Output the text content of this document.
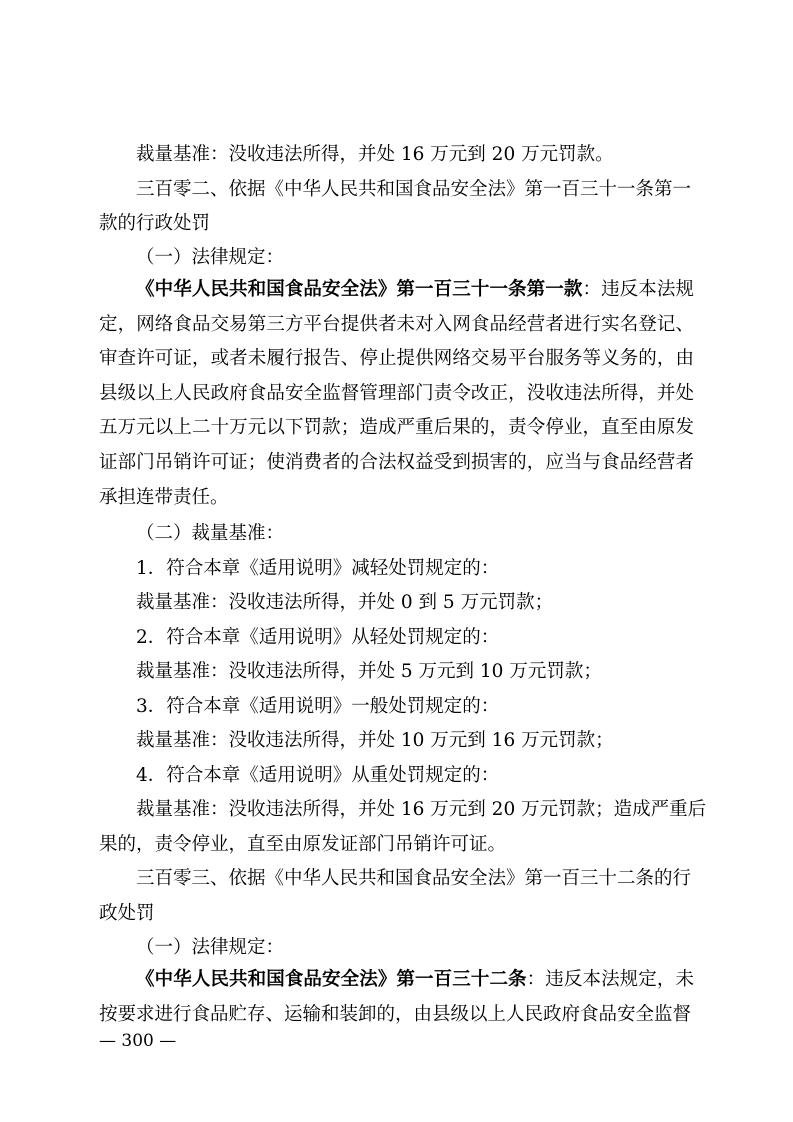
裁量基准：没收违法所得，并处 16 万元到 20 万元罚款。
三百零二、依据《中华人民共和国食品安全法》第一百三十一条第一
款的行政处罚
（一）法律规定：
《中华人民共和国食品安全法》第一百三十一条第一款：违反本法规定，网络食品交易第三方平台提供者未对入网食品经营者进行实名登记、审查许可证，或者未履行报告、停止提供网络交易平台服务等义务的，由县级以上人民政府食品安全监督管理部门责令改正，没收违法所得，并处五万元以上二十万元以下罚款；造成严重后果的，责令停业，直至由原发证部门吊销许可证；使消费者的合法权益受到损害的，应当与食品经营者承担连带责任。
（二）裁量基准：
1．符合本章《适用说明》减轻处罚规定的：
裁量基准：没收违法所得，并处 0 到 5 万元罚款；
2．符合本章《适用说明》从轻处罚规定的：
裁量基准：没收违法所得，并处 5 万元到 10 万元罚款；
3．符合本章《适用说明》一般处罚规定的：
裁量基准：没收违法所得，并处 10 万元到 16 万元罚款；
4．符合本章《适用说明》从重处罚规定的：
裁量基准：没收违法所得，并处 16 万元到 20 万元罚款；造成严重后
果的，责令停业，直至由原发证部门吊销许可证。
三百零三、依据《中华人民共和国食品安全法》第一百三十二条的行
政处罚
（一）法律规定：
《中华人民共和国食品安全法》第一百三十二条：违反本法规定，未按要求进行食品贮存、运输和装卸的，由县级以上人民政府食品安全监督
— 300 —
